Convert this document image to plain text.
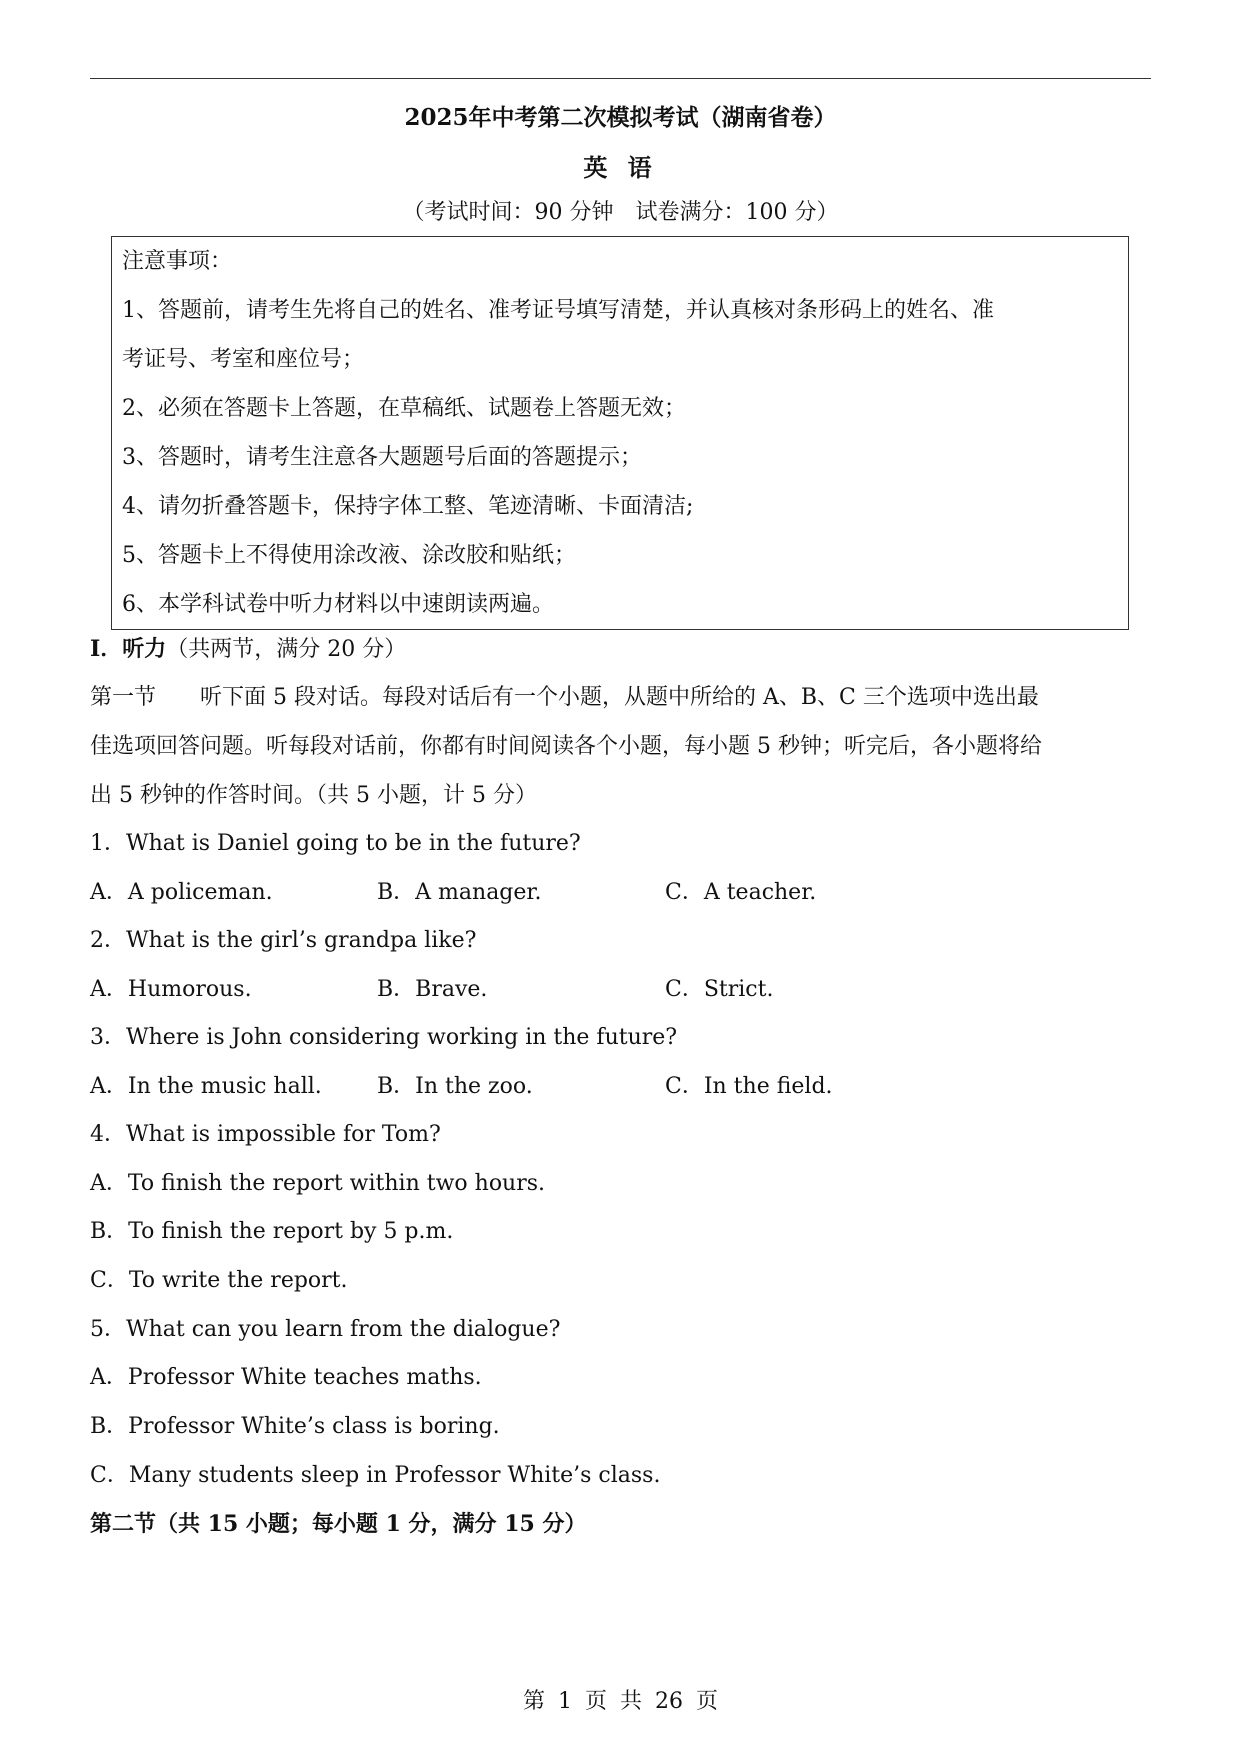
2025年中考第二次模拟考试（湖南省卷）
英 语
（考试时间：90 分钟　试卷满分：100 分）
注意事项：
1、答题前，请考生先将自己的姓名、准考证号填写清楚，并认真核对条形码上的姓名、准
考证号、考室和座位号；
2、必须在答题卡上答题，在草稿纸、试题卷上答题无效；
3、答题时，请考生注意各大题题号后面的答题提示；
4、请勿折叠答题卡，保持字体工整、笔迹清晰、卡面清洁;
5、答题卡上不得使用涂改液、涂改胶和贴纸；
6、本学科试卷中听力材料以中速朗读两遍。
I．听力（共两节，满分 20 分）
第一节　　听下面 5 段对话。每段对话后有一个小题，从题中所给的 A、B、C 三个选项中选出最
佳选项回答问题。听每段对话前，你都有时间阅读各个小题，每小题 5 秒钟；听完后，各小题将给
出 5 秒钟的作答时间。（共 5 小题，计 5 分）
1．What is Daniel going to be in the future?
A．A policeman.	B．A manager.	C．A teacher.
2．What is the girl’s grandpa like?
A．Humorous.	B．Brave.	C．Strict.
3．Where is John considering working in the future?
A．In the music hall.	B．In the zoo.	C．In the field.
4．What is impossible for Tom?
A．To finish the report within two hours.
B．To finish the report by 5 p.m.
C．To write the report.
5．What can you learn from the dialogue?
A．Professor White teaches maths.
B．Professor White’s class is boring.
C．Many students sleep in Professor White’s class.
第二节（共 15 小题；每小题 1 分，满分 15 分）
第 1 页 共 26 页
